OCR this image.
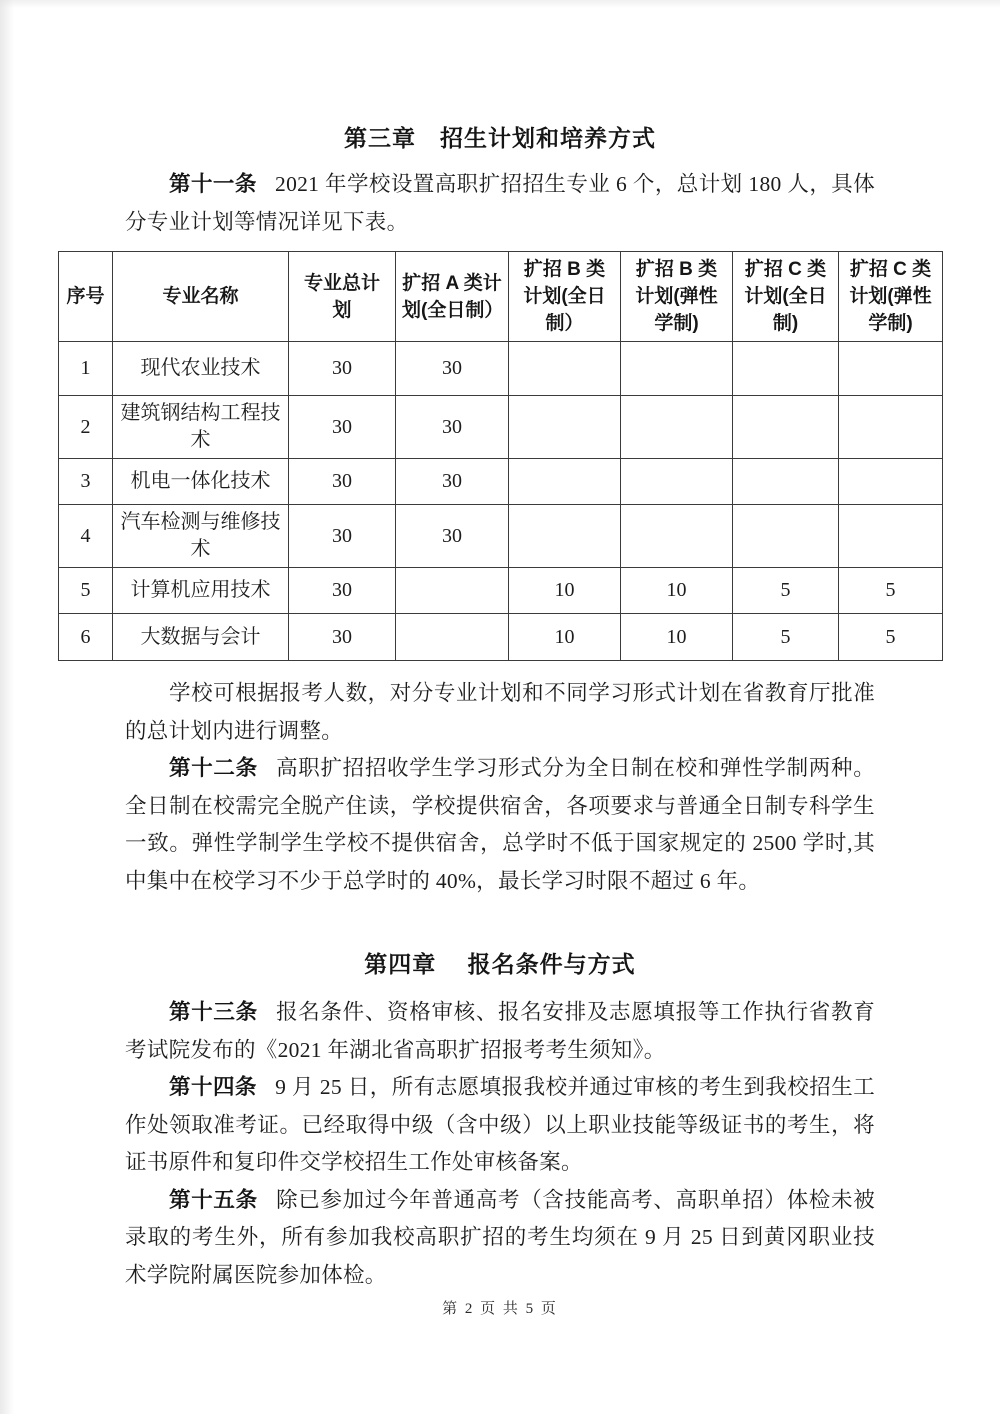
第三章　招生计划和培养方式

第十一条 2021 年学校设置高职扩招招生专业 6 个，总计划 180 人，具体分专业计划等情况详见下表。

序号	专业名称	专业总计划	扩招 A 类计划(全日制）	扩招 B 类计划(全日制）	扩招 B 类计划(弹性学制)	扩招 C 类计划(全日制)	扩招 C 类计划(弹性学制)
1	现代农业技术	30	30				
2	建筑钢结构工程技术	30	30				
3	机电一体化技术	30	30				
4	汽车检测与维修技术	30	30				
5	计算机应用技术	30		10	10	5	5
6	大数据与会计	30		10	10	5	5

学校可根据报考人数，对分专业计划和不同学习形式计划在省教育厅批准的总计划内进行调整。

第十二条 高职扩招招收学生学习形式分为全日制在校和弹性学制两种。全日制在校需完全脱产住读，学校提供宿舍，各项要求与普通全日制专科学生一致。弹性学制学生学校不提供宿舍，总学时不低于国家规定的 2500 学时,其中集中在校学习不少于总学时的 40%，最长学习时限不超过 6 年。

第四章　 报名条件与方式

第十三条 报名条件、资格审核、报名安排及志愿填报等工作执行省教育考试院发布的《2021 年湖北省高职扩招报考考生须知》。

第十四条 9 月 25 日，所有志愿填报我校并通过审核的考生到我校招生工作处领取准考证。已经取得中级（含中级）以上职业技能等级证书的考生，将证书原件和复印件交学校招生工作处审核备案。

第十五条 除已参加过今年普通高考（含技能高考、高职单招）体检未被录取的考生外，所有参加我校高职扩招的考生均须在 9 月 25 日到黄冈职业技术学院附属医院参加体检。

第 2 页 共 5 页
